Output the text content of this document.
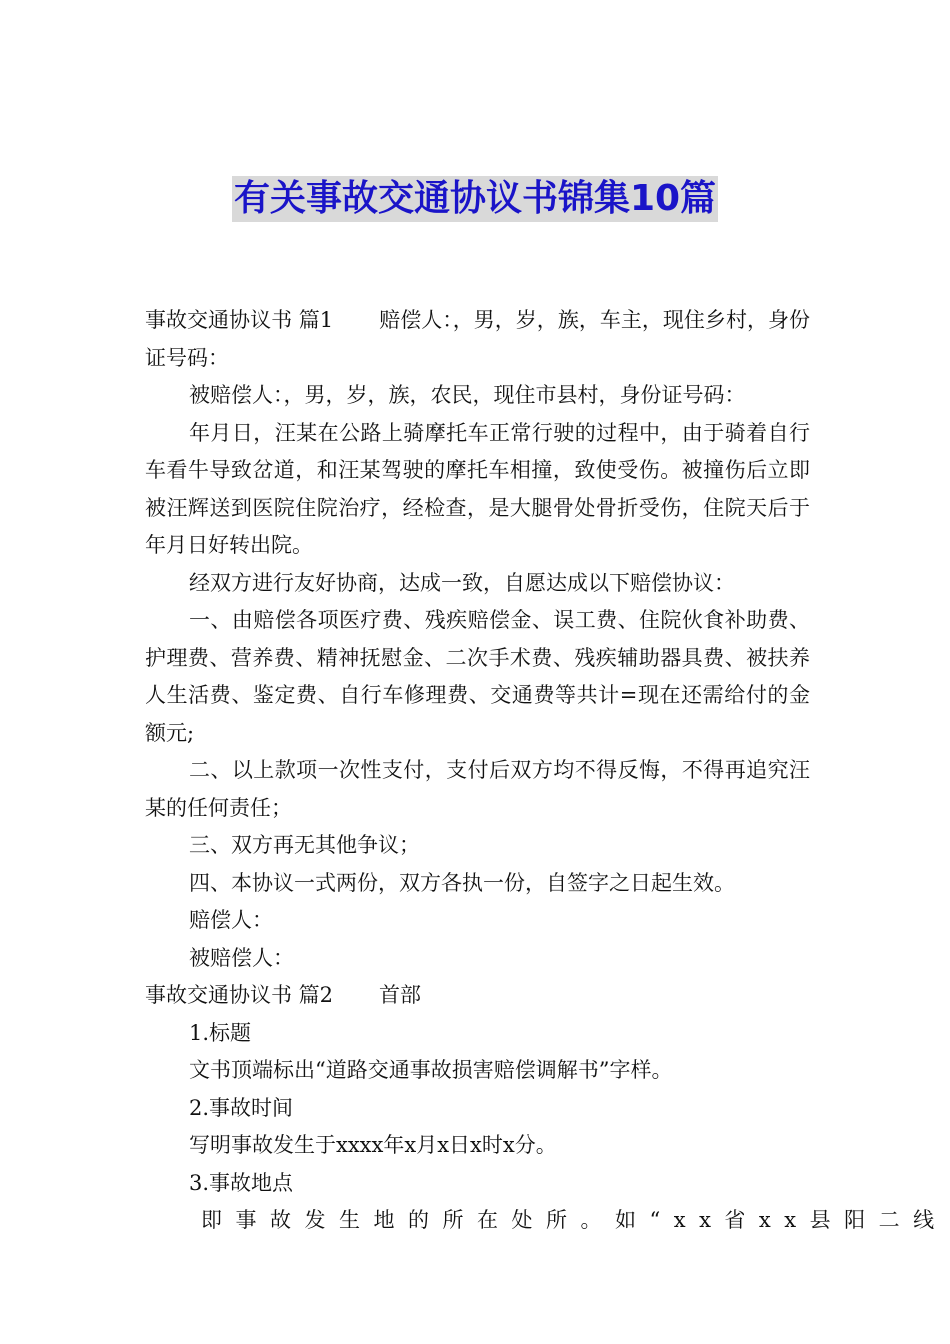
有关事故交通协议书锦集10篇

事故交通协议书 篇1 赔偿人：，男，岁，族，车主，现住乡村，身份证号码：

被赔偿人：，男，岁，族，农民，现住市县村，身份证号码：

年月日，汪某在公路上骑摩托车正常行驶的过程中，由于骑着自行车看牛导致岔道，和汪某驾驶的摩托车相撞，致使受伤。被撞伤后立即被汪辉送到医院住院治疗，经检查，是大腿骨处骨折受伤，住院天后于年月日好转出院。

经双方进行友好协商，达成一致，自愿达成以下赔偿协议：

一、由赔偿各项医疗费、残疾赔偿金、误工费、住院伙食补助费、护理费、营养费、精神抚慰金、二次手术费、残疾辅助器具费、被扶养人生活费、鉴定费、自行车修理费、交通费等共计=现在还需给付的金额元;

二、以上款项一次性支付，支付后双方均不得反悔，不得再追究汪某的任何责任；

三、双方再无其他争议；

四、本协议一式两份，双方各执一份，自签字之日起生效。

赔偿人：

被赔偿人：

事故交通协议书 篇2 首部

1.标题

文书顶端标出“道路交通事故损害赔偿调解书”字样。

2.事故时间

写明事故发生于xxxx年x月x日x时x分。

3.事故地点

即事故发生地的所在处所。如“xx省xx县阳二线
